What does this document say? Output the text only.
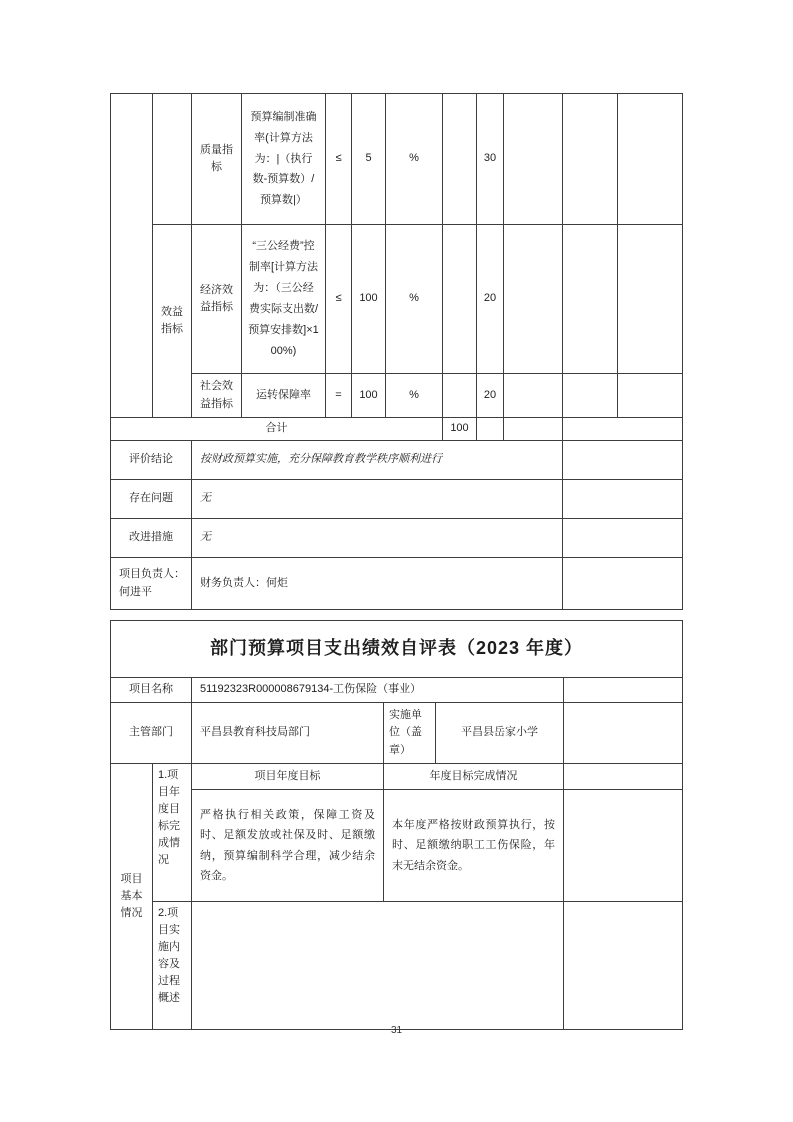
		质量指标	预算编制准确率(计算方法为：|（执行数-预算数）/预算数|）	≤	5	%		30			
	效益指标	经济效益指标	“三公经费”控制率[计算方法为：（三公经费实际支出数/预算安排数]×100%)	≤	100	%		20			
		社会效益指标	运转保障率	=	100	%		20			
合计							100				
评价结论		按财政预算实施，充分保障教育教学秩序顺利进行									
存在问题		无									
改进措施		无									
项目负责人：何进平		财务负责人：何炬									
部门预算项目支出绩效自评表（2023 年度）					
项目名称		51192323R000008679134-工伤保险（事业）			
主管部门		平昌县教育科技局部门	实施单位（盖章）	平昌县岳家小学	
项目基本情况	1.项目年度目标完成情况	项目年度目标	年度目标完成情况		
		严格执行相关政策，保障工资及时、足额发放或社保及时、足额缴纳，预算编制科学合理，减少结余资金。	本年度严格按财政预算执行，按时、足额缴纳职工工伤保险，年末无结余资金。		
	2.项目实施内容及过程概述				
31
